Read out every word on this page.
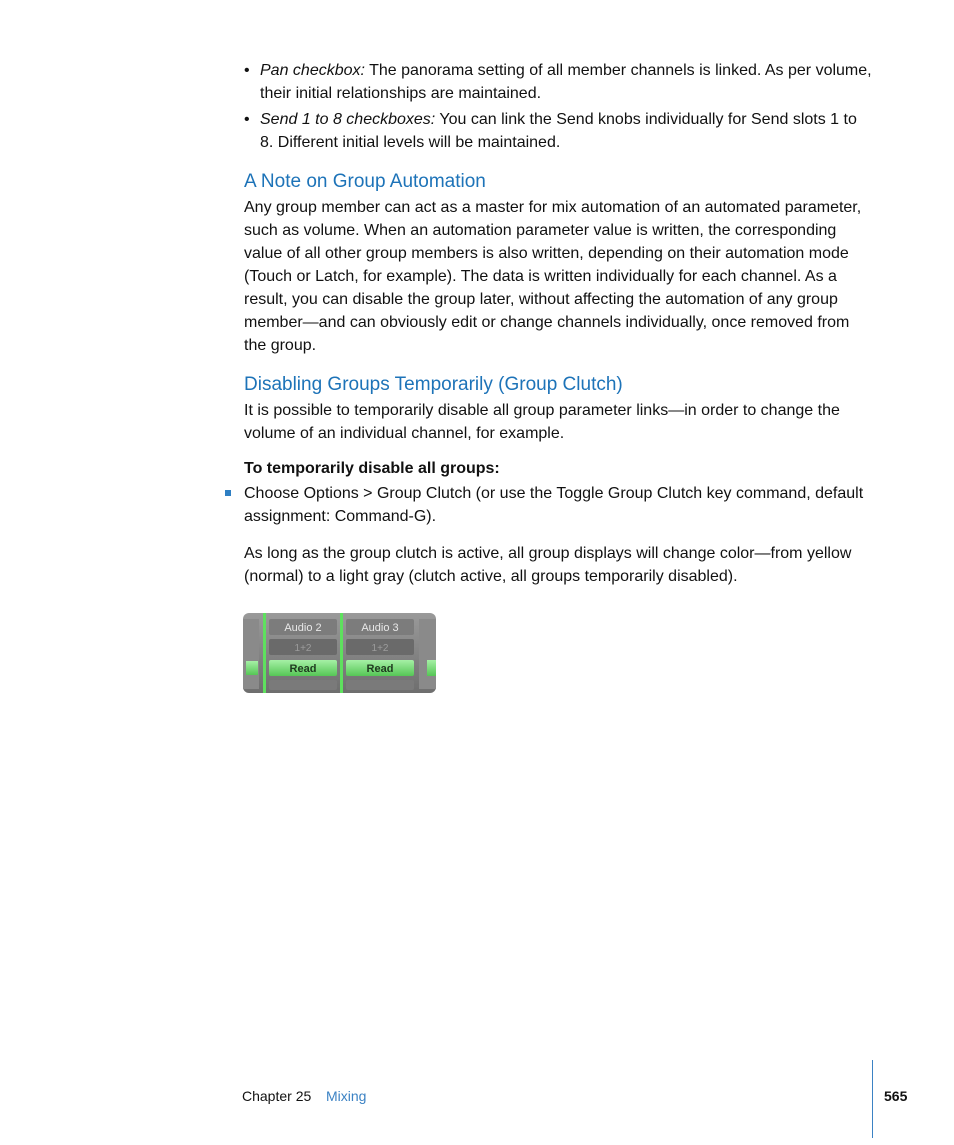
• Pan checkbox: The panorama setting of all member channels is linked. As per volume, their initial relationships are maintained.
• Send 1 to 8 checkboxes: You can link the Send knobs individually for Send slots 1 to 8. Different initial levels will be maintained.
A Note on Group Automation

Any group member can act as a master for mix automation of an automated parameter, such as volume. When an automation parameter value is written, the corresponding value of all other group members is also written, depending on their automation mode (Touch or Latch, for example). The data is written individually for each channel. As a result, you can disable the group later, without affecting the automation of any group member—and can obviously edit or change channels individually, once removed from the group.

Disabling Groups Temporarily (Group Clutch)

It is possible to temporarily disable all group parameter links—in order to change the volume of an individual channel, for example.

To temporarily disable all groups:

Choose Options > Group Clutch (or use the Toggle Group Clutch key command, default assignment: Command-G).

As long as the group clutch is active, all group displays will change color—from yellow (normal) to a light gray (clutch active, all groups temporarily disabled).

Audio 2
1+2
Read
Audio 3
1+2
Read
Chapter 25 Mixing	565
